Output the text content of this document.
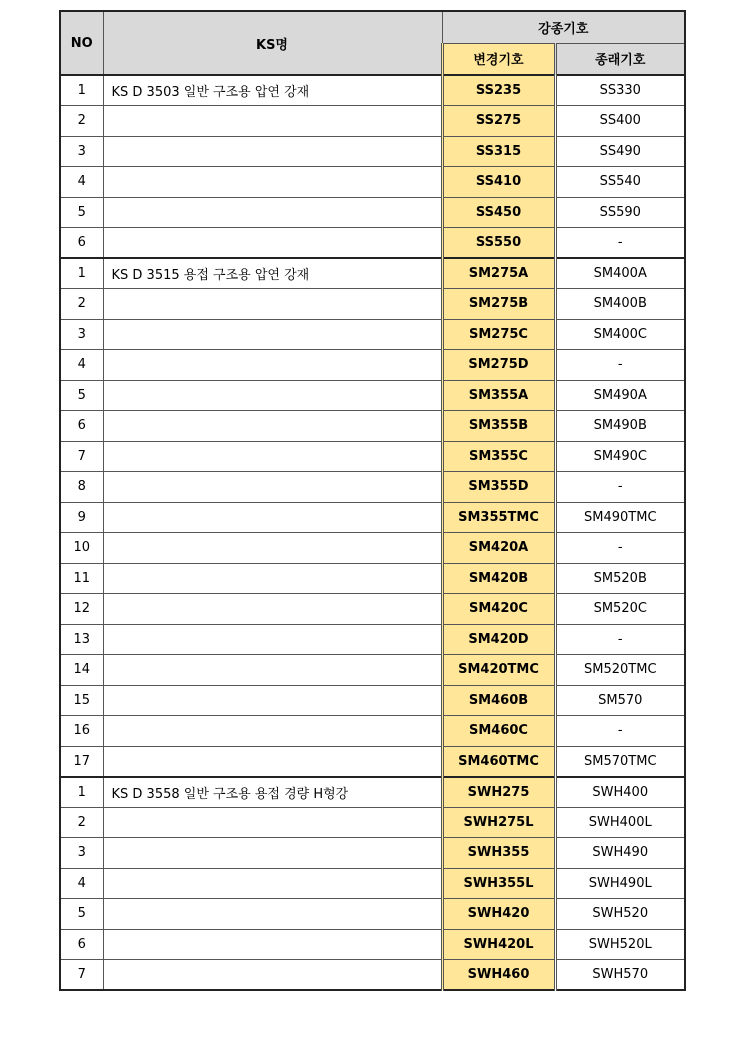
NO	KS명	강종기호	
		변경기호	종래기호
1	KS D 3503 일반 구조용 압연 강재	SS235	SS330
2		SS275	SS400
3		SS315	SS490
4		SS410	SS540
5		SS450	SS590
6		SS550	-
1	KS D 3515 용접 구조용 압연 강재	SM275A	SM400A
2		SM275B	SM400B
3		SM275C	SM400C
4		SM275D	-
5		SM355A	SM490A
6		SM355B	SM490B
7		SM355C	SM490C
8		SM355D	-
9		SM355TMC	SM490TMC
10		SM420A	-
11		SM420B	SM520B
12		SM420C	SM520C
13		SM420D	-
14		SM420TMC	SM520TMC
15		SM460B	SM570
16		SM460C	-
17		SM460TMC	SM570TMC
1	KS D 3558 일반 구조용 용접 경량 H형강	SWH275	SWH400
2		SWH275L	SWH400L
3		SWH355	SWH490
4		SWH355L	SWH490L
5		SWH420	SWH520
6		SWH420L	SWH520L
7		SWH460	SWH570
